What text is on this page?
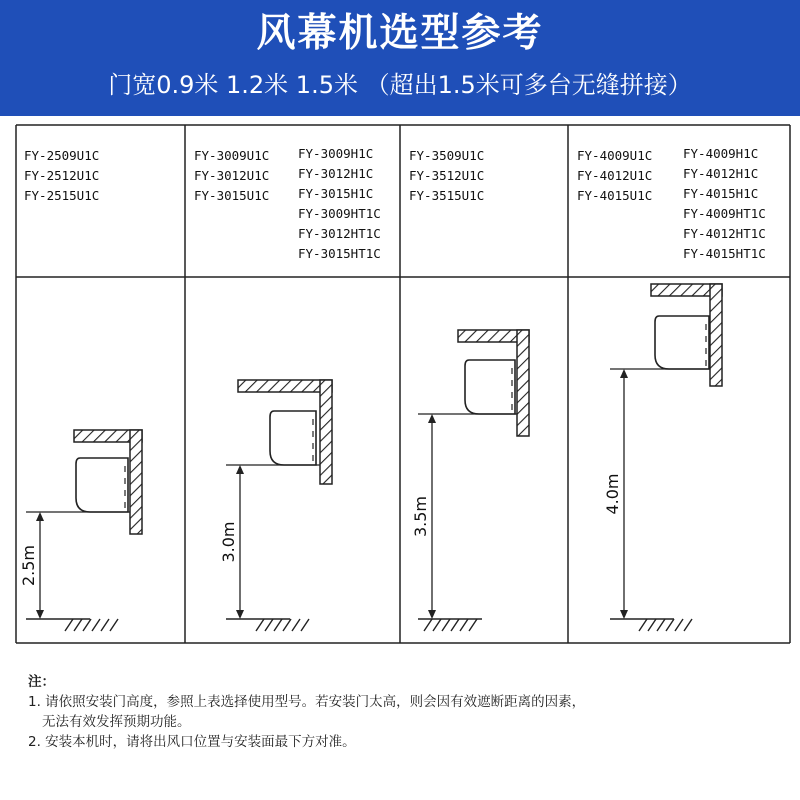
风幕机选型参考
门宽0.9米 1.2米 1.5米 （超出1.5米可多台无缝拼接）
FY-2509U1C
FY-2512U1C
FY-2515U1C
2.5m
FY-3009U1C
FY-3012U1C
FY-3015U1C
FY-3009H1C
FY-3012H1C
FY-3015H1C
FY-3009HT1C
FY-3012HT1C
FY-3015HT1C
3.0m
FY-3509U1C
FY-3512U1C
FY-3515U1C
3.5m
FY-4009U1C
FY-4012U1C
FY-4015U1C
FY-4009H1C
FY-4012H1C
FY-4015H1C
FY-4009HT1C
FY-4012HT1C
FY-4015HT1C
4.0m
注：
1. 请依照安装门高度，参照上表选择使用型号。若安装门太高，则会因有效遮断距离的因素，
无法有效发挥预期功能。
2. 安装本机时，请将出风口位置与安装面最下方对准。
